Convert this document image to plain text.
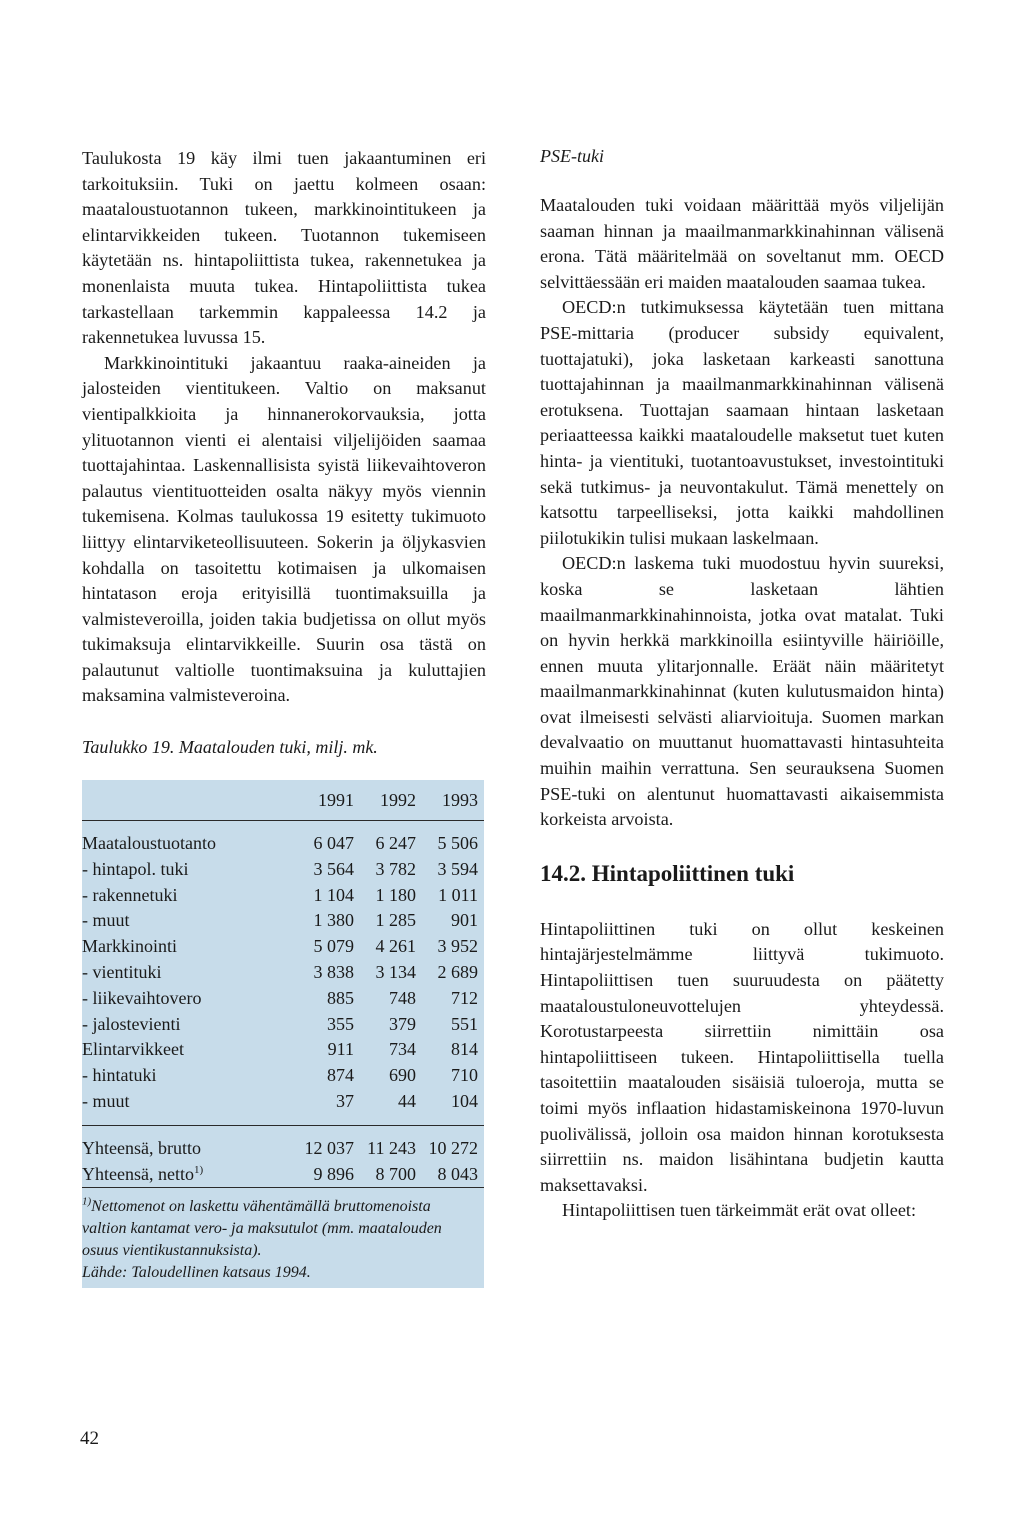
Taulukosta 19 käy ilmi tuen jakaantuminen eri tarkoituksiin. Tuki on jaettu kolmeen osaan: maataloustuotannon tukeen, markkinointitukeen ja elintarvikkeiden tukeen. Tuotannon tukemiseen käytetään ns. hintapoliittista tukea, rakennetukea ja monenlaista muuta tukea. Hintapoliittista tukea tarkastellaan tarkemmin kappaleessa 14.2 ja rakennetukea luvussa 15.

Markkinointituki jakaantuu raaka-aineiden ja jalosteiden vientitukeen. Valtio on maksanut vientipalkkioita ja hinnanerokorvauksia, jotta ylituotannon vienti ei alentaisi viljelijöiden saamaa tuottajahintaa. Laskennallisista syistä liikevaihtoveron palautus vientituotteiden osalta näkyy myös viennin tukemisena. Kolmas taulukossa 19 esitetty tukimuoto liittyy elintarviketeollisuuteen. Sokerin ja öljykasvien kohdalla on tasoitettu kotimaisen ja ulkomaisen hintatason eroja erityisillä tuontimaksuilla ja valmisteveroilla, joiden takia budjetissa on ollut myös tukimaksuja elintarvikkeille. Suurin osa tästä on palautunut valtiolle tuontimaksuina ja kuluttajien maksamina valmisteveroina.

Taulukko 19. Maatalouden tuki, milj. mk.

	1991	1992	1993

Maataloustuotanto	6 047	6 247	5 506
- hintapol. tuki	3 564	3 782	3 594
- rakennetuki	1 104	1 180	1 011
- muut	1 380	1 285	901
Markkinointi	5 079	4 261	3 952
- vientituki	3 838	3 134	2 689
- liikevaihtovero	885	748	712
- jalostevienti	355	379	551
Elintarvikkeet	911	734	814
- hintatuki	874	690	710
- muut	37	44	104

Yhteensä, brutto	12 037	11 243	10 272
Yhteensä, netto$^{1)}$	9 896	8 700	8 043

$^{1)}$Nettomenot on laskettu vähentämällä bruttomenoista valtion kantamat vero- ja maksutulot (mm. maatalouden osuus vientikustannuksista).
Lähde: Taloudellinen katsaus 1994.

PSE-tuki

Maatalouden tuki voidaan määrittää myös viljelijän saaman hinnan ja maailmanmarkkinahinnan välisenä erona. Tätä määritelmää on soveltanut mm. OECD selvittäessään eri maiden maatalouden saamaa tukea.

OECD:n tutkimuksessa käytetään tuen mittana PSE-mittaria (producer subsidy equivalent, tuottajatuki), joka lasketaan karkeasti sanottuna tuottajahinnan ja maailmanmarkkinahinnan välisenä erotuksena. Tuottajan saamaan hintaan lasketaan periaatteessa kaikki maataloudelle maksetut tuet kuten hinta- ja vientituki, tuotantoavustukset, investointituki sekä tutkimus- ja neuvontakulut. Tämä menettely on katsottu tarpeelliseksi, jotta kaikki mahdollinen piilotukikin tulisi mukaan laskelmaan.

OECD:n laskema tuki muodostuu hyvin suureksi, koska se lasketaan lähtien maailmanmarkkinahinnoista, jotka ovat matalat. Tuki on hyvin herkkä markkinoilla esiintyville häiriöille, ennen muuta ylitarjonnalle. Eräät näin määritetyt maailmanmarkkinahinnat (kuten kulutusmaidon hinta) ovat ilmeisesti selvästi aliarvioituja. Suomen markan devalvaatio on muuttanut huomattavasti hintasuhteita muihin maihin verrattuna. Sen seurauksena Suomen PSE-tuki on alentunut huomattavasti aikaisemmista korkeista arvoista.

14.2. Hintapoliittinen tuki

Hintapoliittinen tuki on ollut keskeinen hintajärjestelmämme liittyvä tukimuoto. Hintapoliittisen tuen suuruudesta on päätetty maataloustuloneuvottelujen yhteydessä. Korotustarpeesta siirrettiin nimittäin osa hintapoliittiseen tukeen. Hintapoliittisella tuella tasoitettiin maatalouden sisäisiä tuloeroja, mutta se toimi myös inflaation hidastamiskeinona 1970-luvun puolivälissä, jolloin osa maidon hinnan korotuksesta siirrettiin ns. maidon lisähintana budjetin kautta maksettavaksi.

Hintapoliittisen tuen tärkeimmät erät ovat olleet:

42
